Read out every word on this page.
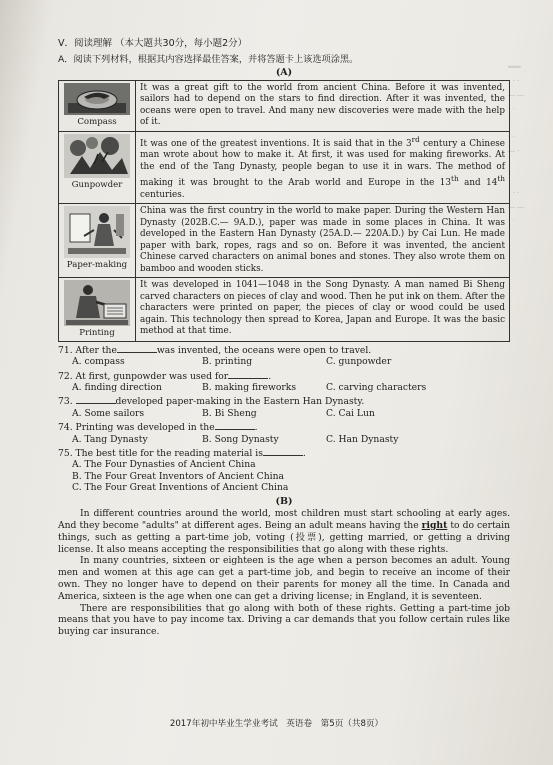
═══
· · ·
― ―
· ·

· ·
― ·

· · ·
― ―
· ·
V．阅读理解 （本大题共30分，每小题2分）
A．阅读下列材料，根据其内容选择最佳答案，并将答题卡上该选项涂黑。
(A)
Compass	It was a great gift to the world from ancient China. Before it was invented, sailors had to depend on the stars to find direction. After it was invented, the oceans were open to travel. And many new discoveries were made with the help of it.

Gunpowder	It was one of the greatest inventions. It is said that in the 3rd century a Chinese man wrote about how to make it. At first, it was used for making fireworks. At the end of the Tang Dynasty, people began to use it in wars. The method of making it was brought to the Arab world and Europe in the 13th and 14th centuries.

Paper-making	China was the first country in the world to make paper. During the Western Han Dynasty (202B.C.— 9A.D.), paper was made in some places in China. It was developed in the Eastern Han Dynasty (25A.D.— 220A.D.) by Cai Lun. He made paper with bark, ropes, rags and so on. Before it was invented, the ancient Chinese carved characters on animal bones and stones. They also wrote them on bamboo and wooden sticks.

Printing	It was developed in 1041—1048 in the Song Dynasty. A man named Bi Sheng carved characters on pieces of clay and wood. Then he put ink on them. After the characters were printed on paper, the pieces of clay or wood could be used again. This technology then spread to Korea, Japan and Europe. It was the basic method at that time.
71. After the	was invented, the oceans were open to travel.
A. compass	B. printing	C. gunpowder
72. At first, gunpowder was used for	.
A. finding direction	B. making fireworks	C. carving characters
73.	developed paper-making in the Eastern Han Dynasty.
A. Some sailors	B. Bi Sheng	C. Cai Lun
74. Printing was developed in the	.
A. Tang Dynasty	B. Song Dynasty	C. Han Dynasty
75. The best title for the reading material is	.
A. The Four Dynasties of Ancient China
B. The Four Great Inventors of Ancient China
C. The Four Great Inventions of Ancient China
(B)

In different countries around the world, most children must start schooling at early ages. And they become "adults" at different ages. Being an adult means having the right to do certain things, such as getting a part-time job, voting (投票), getting married, or getting a driving license. It also means accepting the responsibilities that go along with these rights.

In many countries, sixteen or eighteen is the age when a person becomes an adult. Young men and women at this age can get a part-time job, and begin to receive an income of their own. They no longer have to depend on their parents for money all the time. In Canada and America, sixteen is the age when one can get a driving license; in England, it is seventeen.

There are responsibilities that go along with both of these rights. Getting a part-time job means that you have to pay income tax. Driving a car demands that you follow certain rules like buying car insurance.

2017年初中毕业生学业考试　英语卷　第5页（共8页）
